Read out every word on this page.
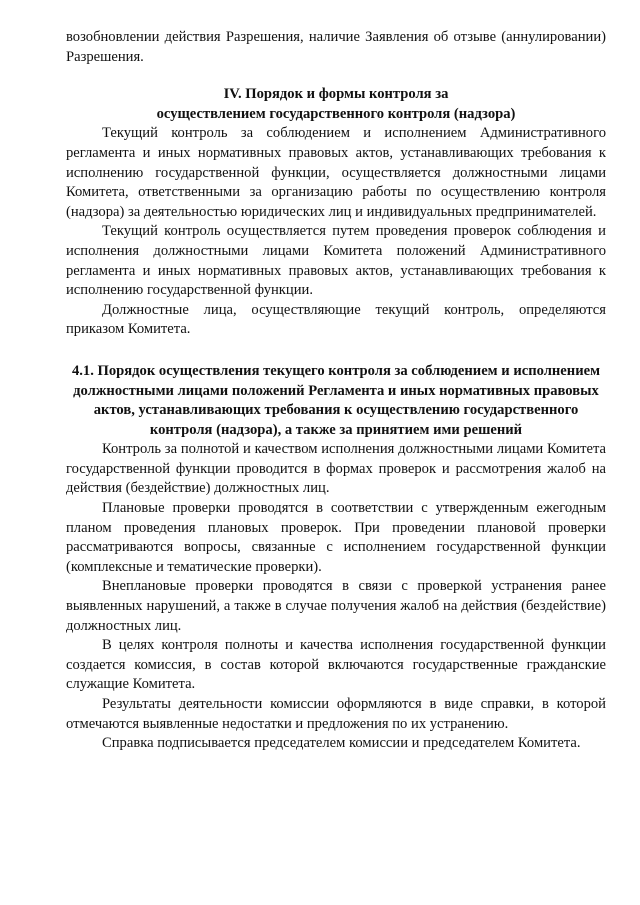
возобновлении действия Разрешения, наличие Заявления об отзыве (аннулировании) Разрешения.

IV. Порядок и формы контроля за

осуществлением государственного контроля (надзора)

Текущий контроль за соблюдением и исполнением Административного регламента и иных нормативных правовых актов, устанавливающих требования к исполнению государственной функции, осуществляется должностными лицами Комитета, ответственными за организацию работы по осуществлению контроля (надзора) за деятельностью юридических лиц и индивидуальных предпринимателей.

Текущий контроль осуществляется путем проведения проверок соблюдения и исполнения должностными лицами Комитета положений Административного регламента и иных нормативных правовых актов, устанавливающих требования к исполнению государственной функции.

Должностные лица, осуществляющие текущий контроль, определяются приказом Комитета.

4.1. Порядок осуществления текущего контроля за соблюдением и исполнением должностными лицами положений Регламента и иных нормативных правовых актов, устанавливающих требования к осуществлению государственного контроля (надзора), а также за принятием ими решений

Контроль за полнотой и качеством исполнения должностными лицами Комитета государственной функции проводится в формах проверок и рассмотрения жалоб на действия (бездействие) должностных лиц.

Плановые проверки проводятся в соответствии с утвержденным ежегодным планом проведения плановых проверок. При проведении плановой проверки рассматриваются вопросы, связанные с исполнением государственной функции (комплексные и тематические проверки).

Внеплановые проверки проводятся в связи с проверкой устранения ранее выявленных нарушений, а также в случае получения жалоб на действия (бездействие) должностных лиц.

В целях контроля полноты и качества исполнения государственной функции создается комиссия, в состав которой включаются государственные гражданские служащие Комитета.

Результаты деятельности комиссии оформляются в виде справки, в которой отмечаются выявленные недостатки и предложения по их устранению.

Справка подписывается председателем комиссии и председателем Комитета.
